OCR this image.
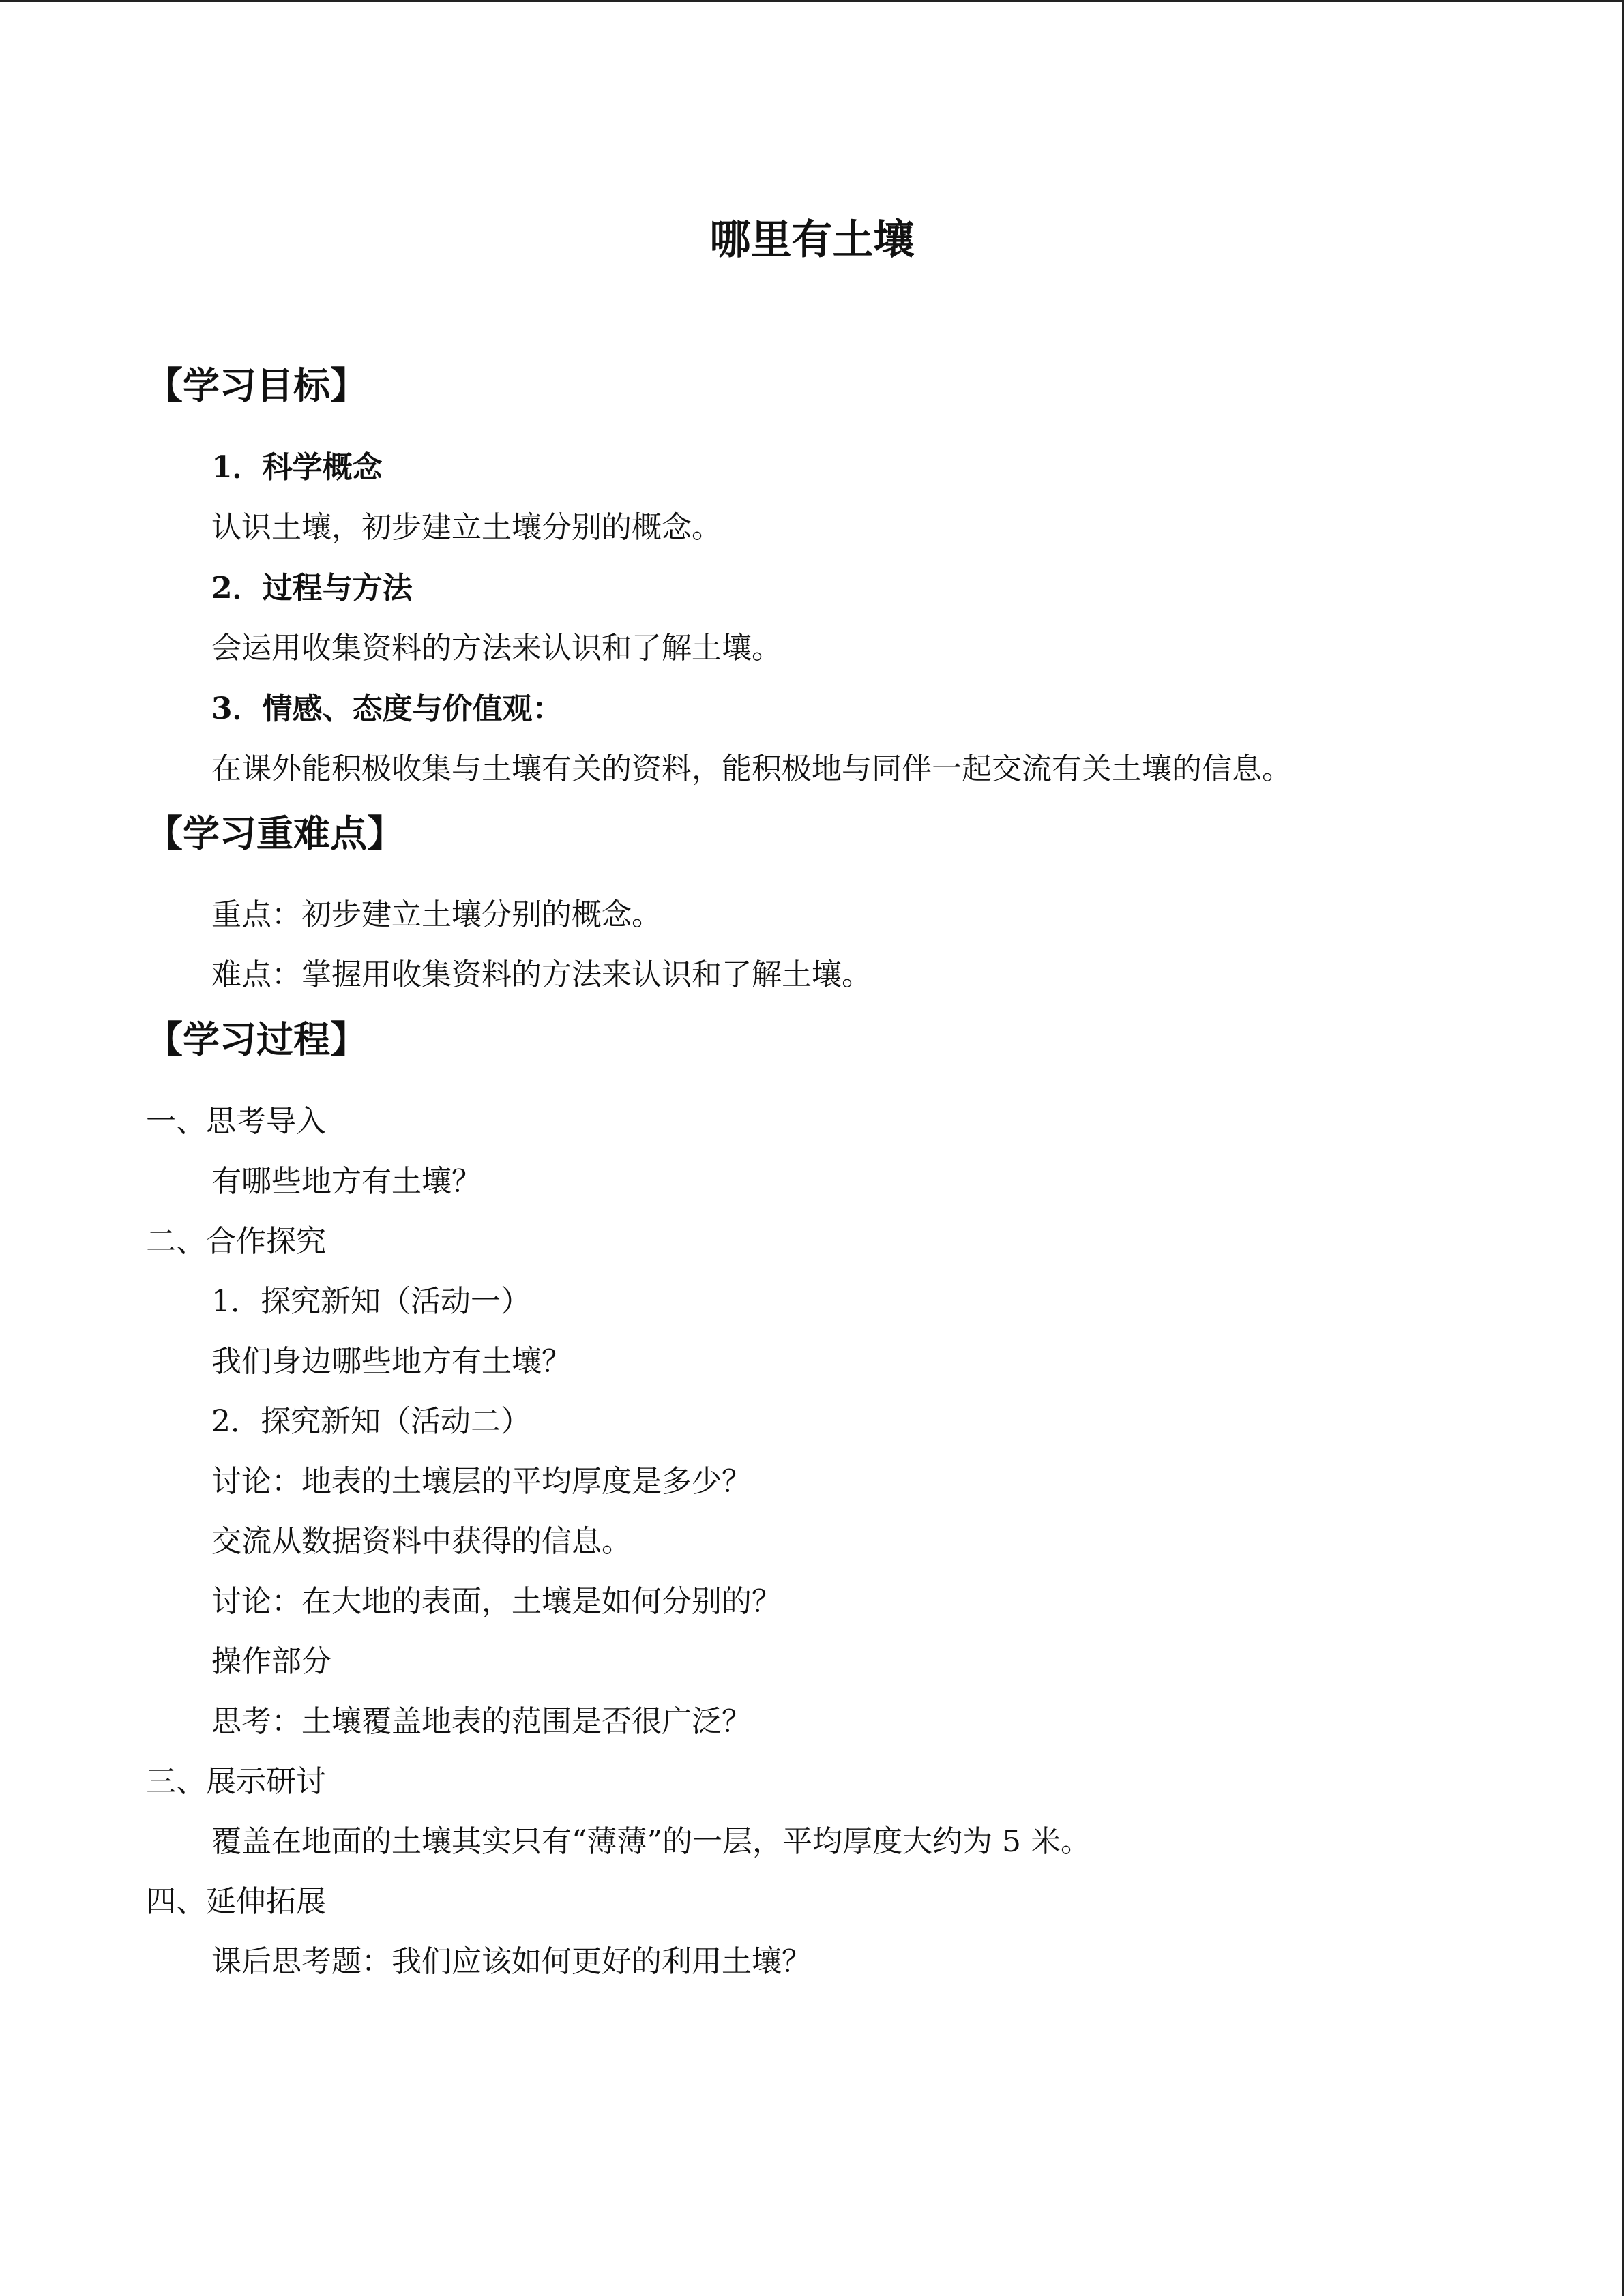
哪里有土壤
【学习目标】
1．科学概念
认识土壤，初步建立土壤分别的概念。
2．过程与方法
会运用收集资料的方法来认识和了解土壤。
3．情感、态度与价值观：
在课外能积极收集与土壤有关的资料，能积极地与同伴一起交流有关土壤的信息。
【学习重难点】
重点：初步建立土壤分别的概念。
难点：掌握用收集资料的方法来认识和了解土壤。
【学习过程】
一、思考导入
有哪些地方有土壤？
二、合作探究
1．探究新知（活动一）
我们身边哪些地方有土壤？
2．探究新知（活动二）
讨论：地表的土壤层的平均厚度是多少？
交流从数据资料中获得的信息。
讨论：在大地的表面，土壤是如何分别的？
操作部分
思考：土壤覆盖地表的范围是否很广泛？
三、展示研讨
覆盖在地面的土壤其实只有“薄薄”的一层，平均厚度大约为 5 米。
四、延伸拓展
课后思考题：我们应该如何更好的利用土壤？
